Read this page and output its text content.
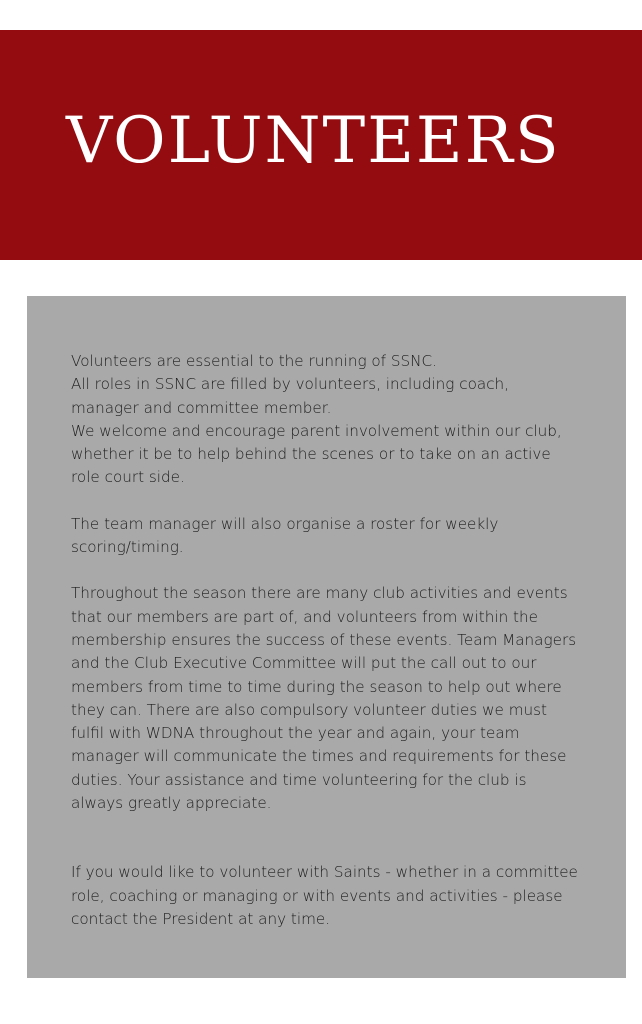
VOLUNTEERS

Volunteers are essential to the running of SSNC.
All roles in SSNC are filled by volunteers, including coach, manager and committee member.
We welcome and encourage parent involvement within our club, whether it be to help behind the scenes or to take on an active role court side.

The team manager will also organise a roster for weekly scoring/timing.

Throughout the season there are many club activities and events that our members are part of, and volunteers from within the membership ensures the success of these events. Team Managers and the Club Executive Committee will put the call out to our members from time to time during the season to help out where they can. There are also compulsory volunteer duties we must fulfil with WDNA throughout the year and again, your team manager will communicate the times and requirements for these duties. Your assistance and time volunteering for the club is always greatly appreciate.

If you would like to volunteer with Saints - whether in a committee role, coaching or managing or with events and activities - please contact the President at any time.
